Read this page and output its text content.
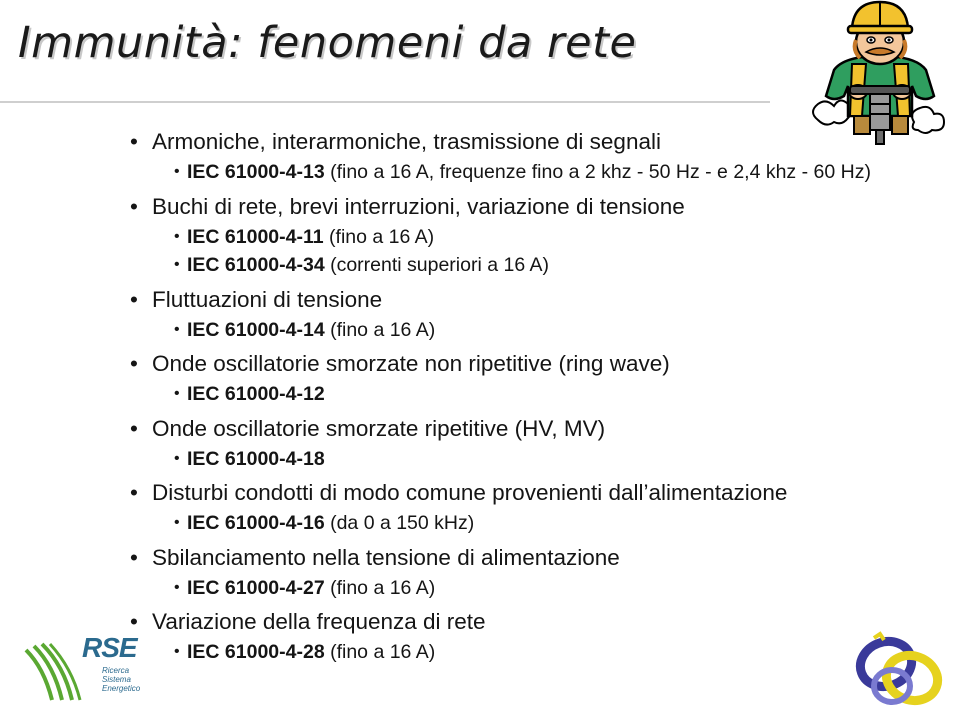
Immunità: fenomeni da rete
• Armoniche, interarmoniche, trasmissione di segnali
• IEC 61000-4-13 (fino a 16 A, frequenze fino a 2 khz - 50 Hz - e 2,4 khz - 60 Hz)
• Buchi di rete, brevi interruzioni, variazione di tensione
• IEC 61000-4-11 (fino a 16 A)
• IEC 61000-4-34 (correnti superiori a 16 A)
• Fluttuazioni di tensione
• IEC 61000-4-14 (fino a 16 A)
• Onde oscillatorie smorzate non ripetitive (ring wave)
• IEC 61000-4-12
• Onde oscillatorie smorzate ripetitive (HV, MV)
• IEC 61000-4-18
• Disturbi condotti di modo comune provenienti dall’alimentazione
• IEC 61000-4-16 (da 0 a 150 kHz)
• Sbilanciamento nella tensione di alimentazione
• IEC 61000-4-27 (fino a 16 A)
• Variazione della frequenza di rete
• IEC 61000-4-28 (fino a 16 A)
RSE
Ricerca
Sistema
Energetico
